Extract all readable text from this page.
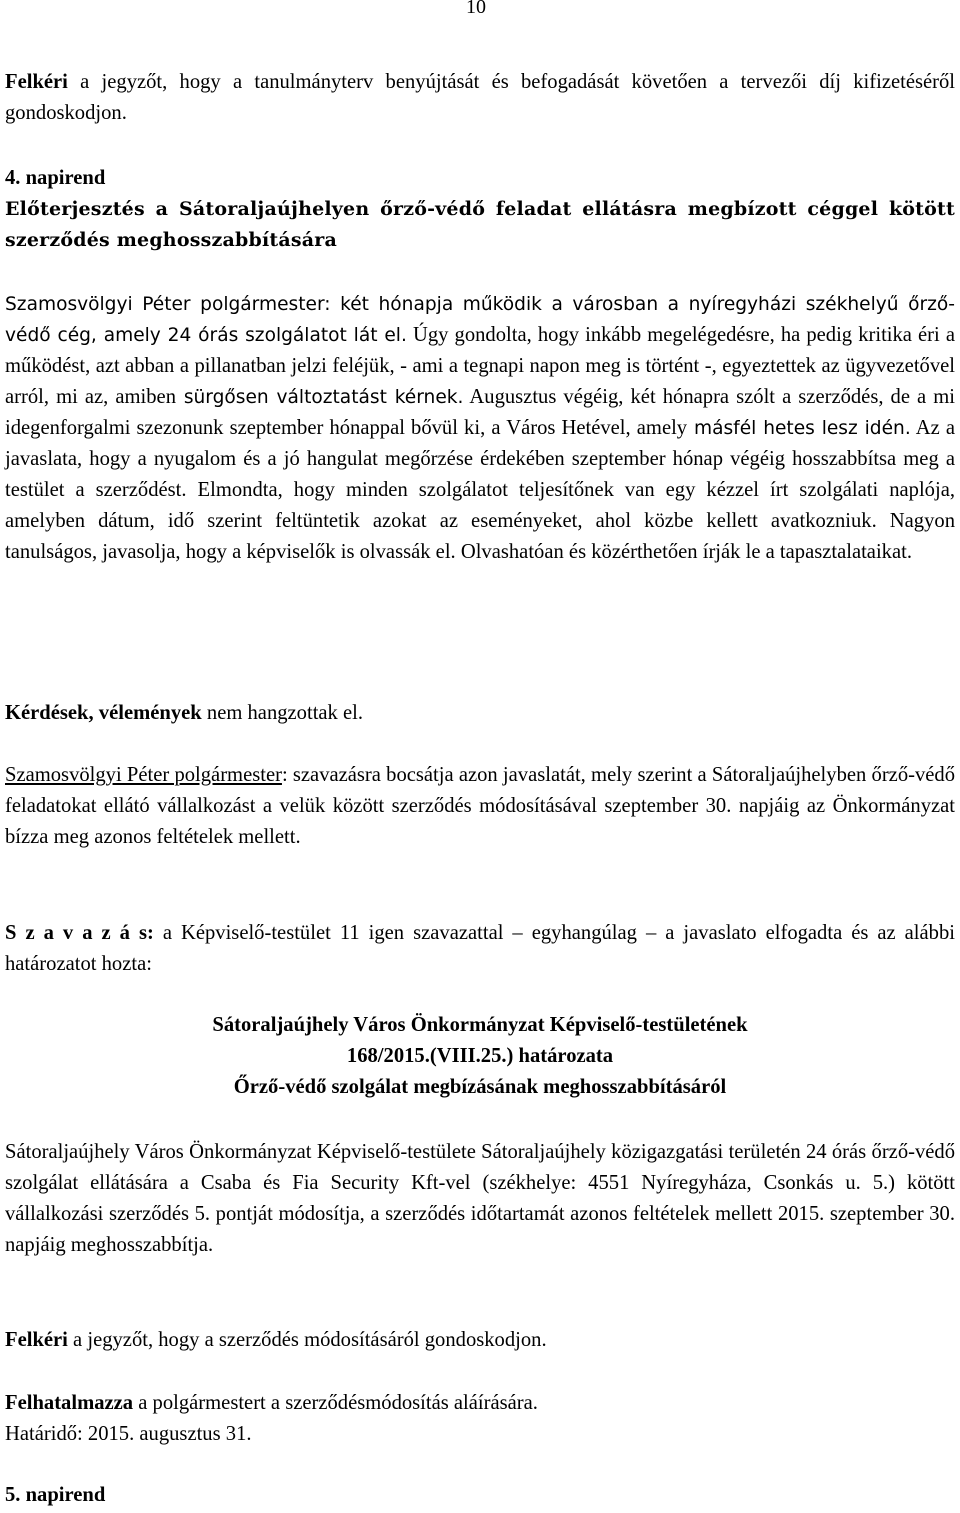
10

Felkéri a jegyzőt, hogy a tanulmányterv benyújtását és befogadását követően a tervezői díj kifizetéséről gondoskodjon.

4. napirend
Előterjesztés a Sátoraljaújhelyen őrző-védő feladat ellátásra megbízott céggel kötött szerződés meghosszabbítására

Szamosvölgyi Péter polgármester: két hónapja működik a városban a nyíregyházi székhelyű őrző-védő cég, amely 24 órás szolgálatot lát el. Úgy gondolta, hogy inkább megelégedésre, ha pedig kritika éri a működést, azt abban a pillanatban jelzi feléjük, - ami a tegnapi napon meg is történt -, egyeztettek az ügyvezetővel arról, mi az, amiben sürgősen változtatást kérnek. Augusztus végéig, két hónapra szólt a szerződés, de a mi idegenforgalmi szezonunk szeptember hónappal bővül ki, a Város Hetével, amely másfél hetes lesz idén. Az a javaslata, hogy a nyugalom és a jó hangulat megőrzése érdekében szeptember hónap végéig hosszabbítsa meg a testület a szerződést. Elmondta, hogy minden szolgálatot teljesítőnek van egy kézzel írt szolgálati naplója, amelyben dátum, idő szerint feltüntetik azokat az eseményeket, ahol közbe kellett avatkozniuk. Nagyon tanulságos, javasolja, hogy a képviselők is olvassák el. Olvashatóan és közérthetően írják le a tapasztalataikat.

Kérdések, vélemények nem hangzottak el.

Szamosvölgyi Péter polgármester: szavazásra bocsátja azon javaslatát, mely szerint a Sátoraljaújhelyben őrző-védő feladatokat ellátó vállalkozást a velük között szerződés módosításával szeptember 30. napjáig az Önkormányzat bízza meg azonos feltételek mellett.

S z a v a z á s: a Képviselő-testület 11 igen szavazattal – egyhangúlag – a javaslato elfogadta és az alábbi határozatot hozta:

Sátoraljaújhely Város Önkormányzat Képviselő-testületének
168/2015.(VIII.25.) határozata
Őrző-védő szolgálat megbízásának meghosszabbításáról

Sátoraljaújhely Város Önkormányzat Képviselő-testülete Sátoraljaújhely közigazgatási területén 24 órás őrző-védő szolgálat ellátására a Csaba és Fia Security Kft-vel (székhelye: 4551 Nyíregyháza, Csonkás u. 5.) kötött vállalkozási szerződés 5. pontját módosítja, a szerződés időtartamát azonos feltételek mellett 2015. szeptember 30. napjáig meghosszabbítja.

Felkéri a jegyzőt, hogy a szerződés módosításáról gondoskodjon.

Felhatalmazza a polgármestert a szerződésmódosítás aláírására.
Határidő: 2015. augusztus 31.
5. napirend
